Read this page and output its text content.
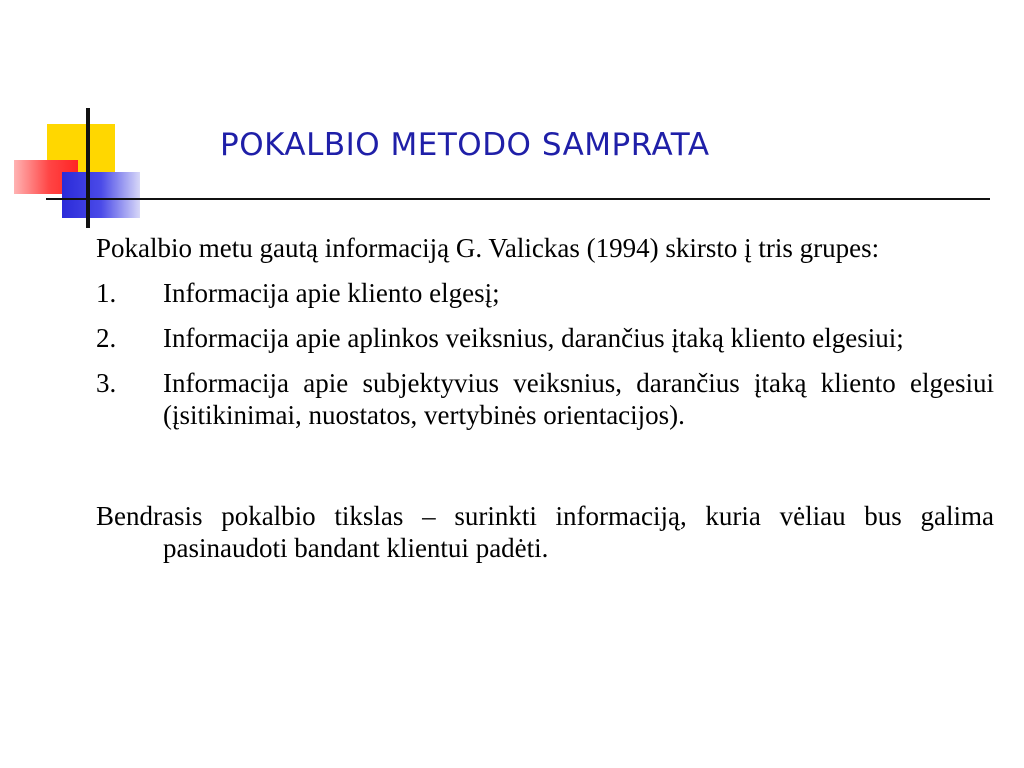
POKALBIO METODO SAMPRATA

Pokalbio metu gautą informaciją G. Valickas (1994) skirsto į tris grupes:

1.	Informacija apie kliento elgesį;
2.	Informacija apie aplinkos veiksnius, darančius įtaką kliento elgesiui;
3.	Informacija apie subjektyvius veiksnius, darančius įtaką kliento elgesiui (įsitikinimai, nuostatos, vertybinės orientacijos).

Bendrasis pokalbio tikslas – surinkti informaciją, kuria vėliau bus galima pasinaudoti bandant klientui padėti.
